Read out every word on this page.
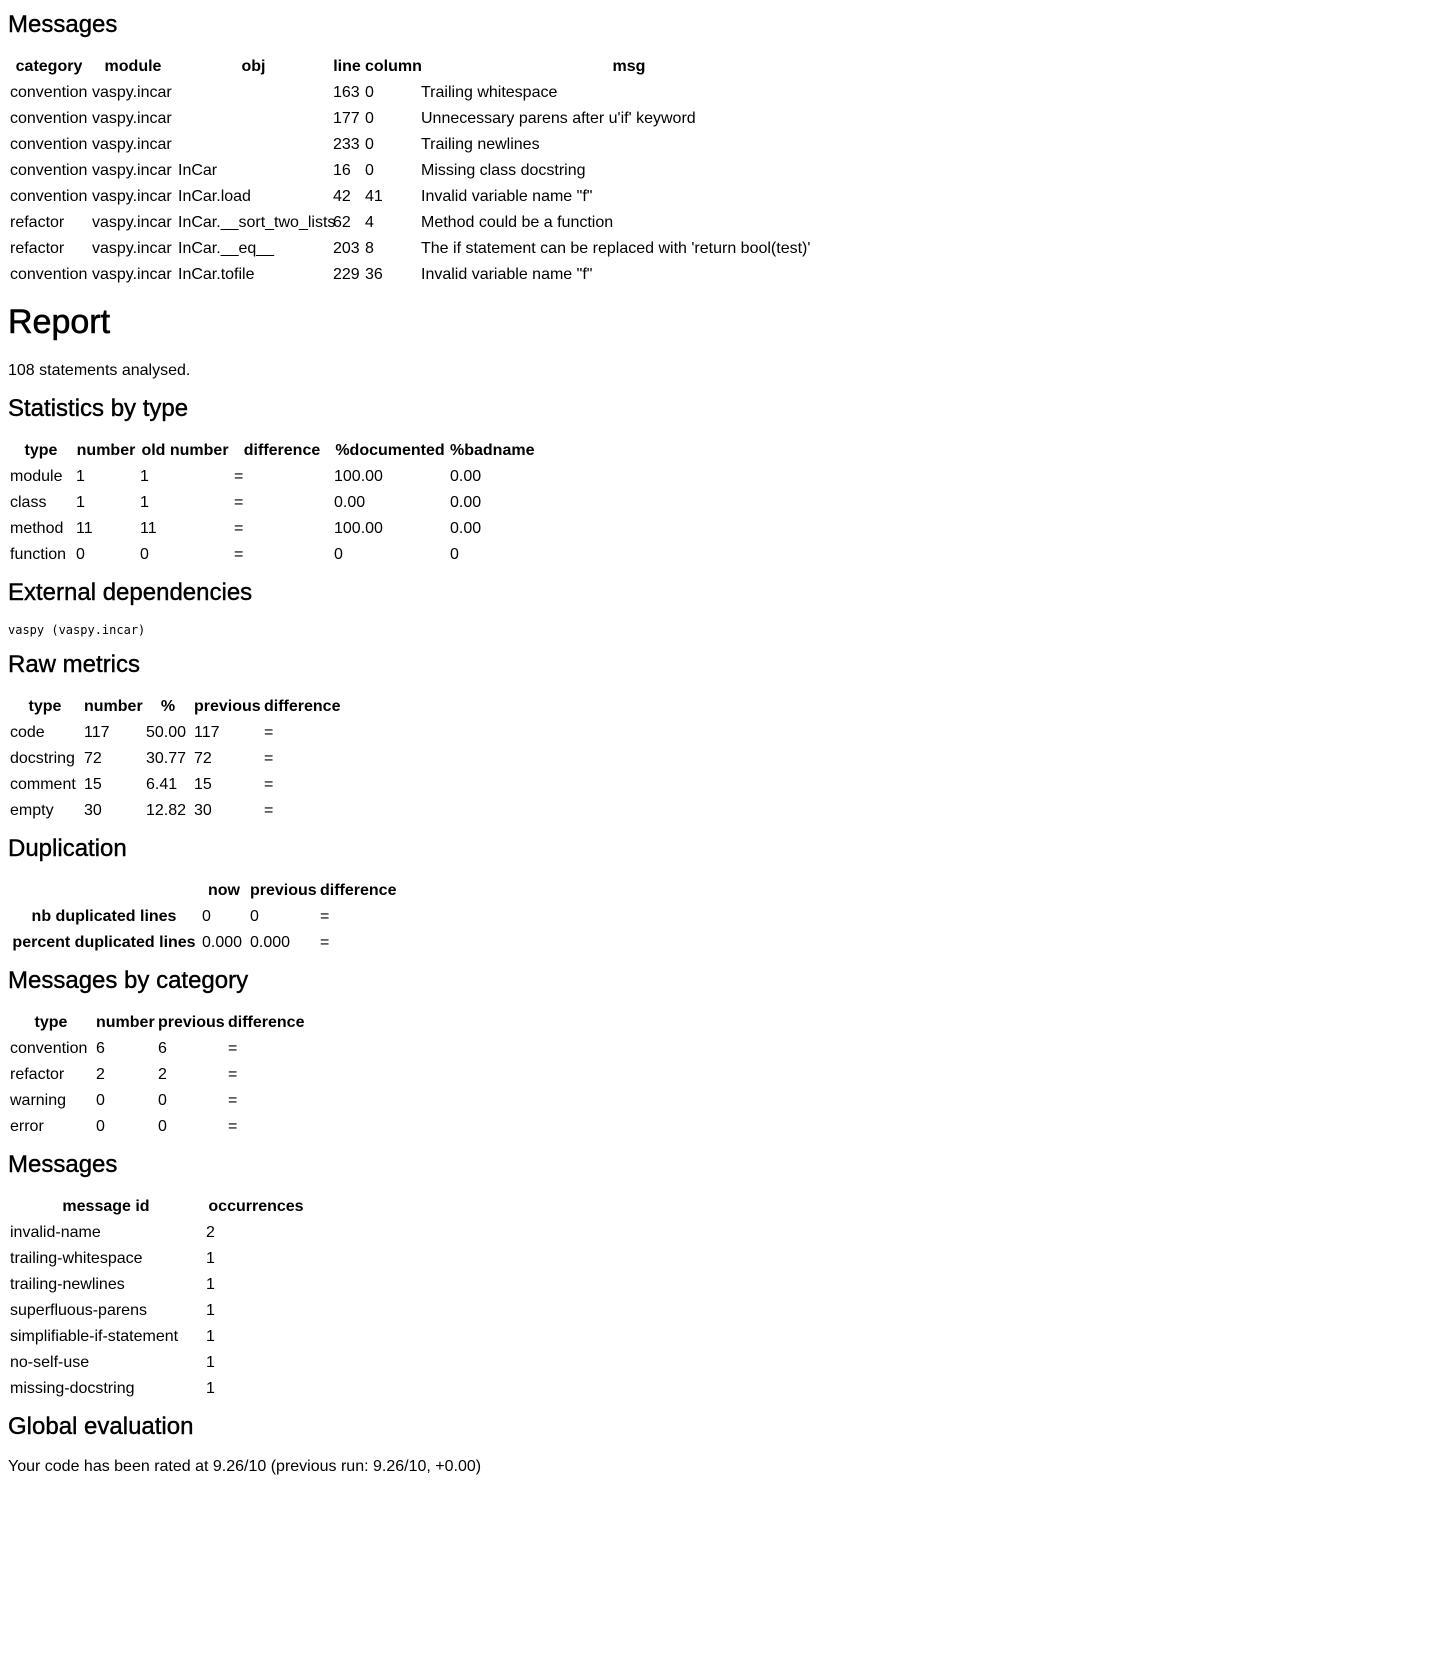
Messages
category	module	obj	line	column	msg
convention	vaspy.incar		163	0	Trailing whitespace
convention	vaspy.incar		177	0	Unnecessary parens after u'if' keyword
convention	vaspy.incar		233	0	Trailing newlines
convention	vaspy.incar	InCar	16	0	Missing class docstring
convention	vaspy.incar	InCar.load	42	41	Invalid variable name "f"
refactor	vaspy.incar	InCar.__sort_two_lists	62	4	Method could be a function
refactor	vaspy.incar	InCar.__eq__	203	8	The if statement can be replaced with 'return bool(test)'
convention	vaspy.incar	InCar.tofile	229	36	Invalid variable name "f"
Report

108 statements analysed.

Statistics by type
type	number	old number	difference	%documented	%badname
module	1	1	=	100.00	0.00
class	1	1	=	0.00	0.00
method	11	11	=	100.00	0.00
function	0	0	=	0	0
External dependencies
vaspy (vaspy.incar)
Raw metrics
type	number	%	previous	difference
code	117	50.00	117	=
docstring	72	30.77	72	=
comment	15	6.41	15	=
empty	30	12.82	30	=
Duplication
	now	previous	difference
nb duplicated lines	0	0	=
percent duplicated lines	0.000	0.000	=
Messages by category
type	number	previous	difference
convention	6	6	=
refactor	2	2	=
warning	0	0	=
error	0	0	=
Messages
message id	occurrences
invalid-name	2
trailing-whitespace	1
trailing-newlines	1
superfluous-parens	1
simplifiable-if-statement	1
no-self-use	1
missing-docstring	1
Global evaluation

Your code has been rated at 9.26/10 (previous run: 9.26/10, +0.00)
